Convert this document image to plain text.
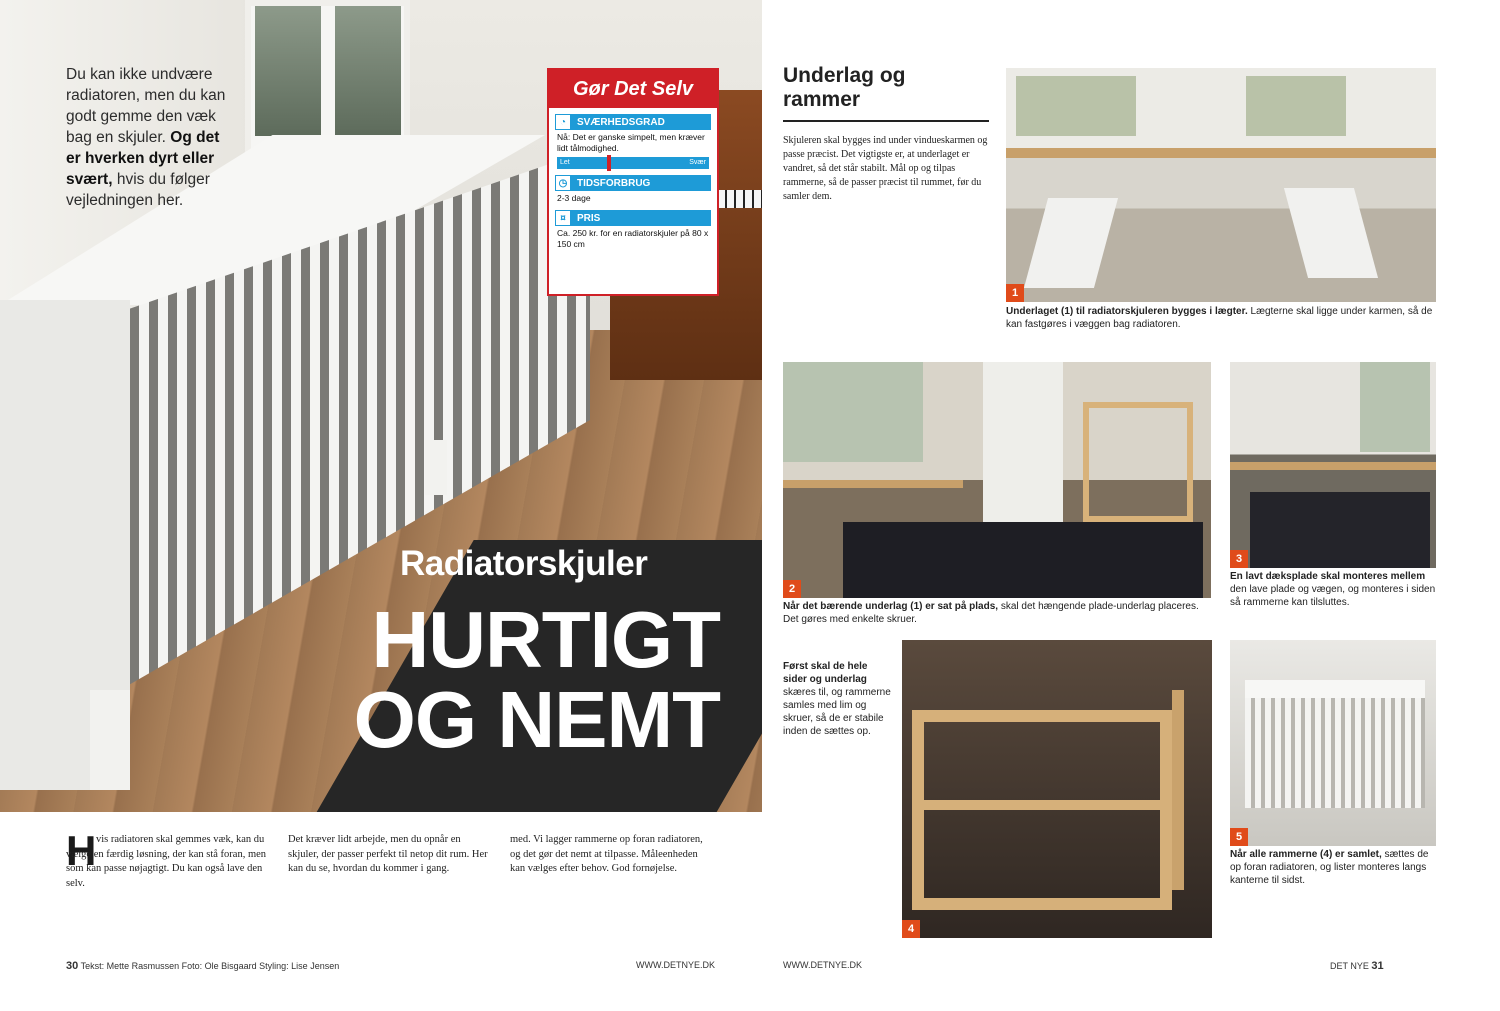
Du kan ikke undvære radiatoren, men du kan godt gemme den væk bag en skjuler. Og det er hverken dyrt eller svært, hvis du følger vejledningen her.
Radiatorskjuler
HURTIGT
OG NEMT
Gør Det Selv
◔	SVÆRHEDSGRAD
Nå: Det er ganske simpelt, men kræver lidt tålmodighed.
Let	Svær
◷ TIDSFORBRUG
2-3 dage
¤	PRIS
Ca. 250 kr. for en radiatorskjuler på 80 x 150 cm
H vis radiatoren skal gemmes væk, kan du vælge en færdig løsning, der kan stå foran, men som kan passe nøjagtigt. Du kan også lave den selv.
Det kræver lidt arbejde, men du opnår en skjuler, der passer perfekt til netop dit rum. Her kan du se, hvordan du kommer i gang.
med. Vi lagger rammerne op foran radiatoren, og det gør det nemt at tilpasse. Måleenheden kan vælges efter behov. God fornøjelse.
30 Tekst: Mette Rasmussen Foto: Ole Bisgaard Styling: Lise Jensen	WWW.DETNYE.DK
Underlag og
rammer
Skjuleren skal bygges ind under vindueskarmen og passe præcist. Det vigtigste er, at underlaget er vandret, så det står stabilt. Mål op og tilpas rammerne, så de passer præcist til rummet, før du samler dem.
1
Underlaget (1) til radiatorskjuleren bygges i lægter. Lægterne skal ligge under karmen, så de kan fastgøres i væggen bag radiatoren.
2
Når det bærende underlag (1) er sat på plads, skal det hængende plade-underlag placeres. Det gøres med enkelte skruer.
3
En lavt dæksplade skal monteres mellem den lave plade og vægen, og monteres i siden så rammerne kan tilsluttes.
Først skal de hele sider og underlag skæres til, og rammerne samles med lim og skruer, så de er stabile inden de sættes op.
4
5
Når alle rammerne (4) er samlet, sættes de op foran radiatoren, og lister monteres langs kanterne til sidst.
WWW.DETNYE.DK	DET NYE 31
